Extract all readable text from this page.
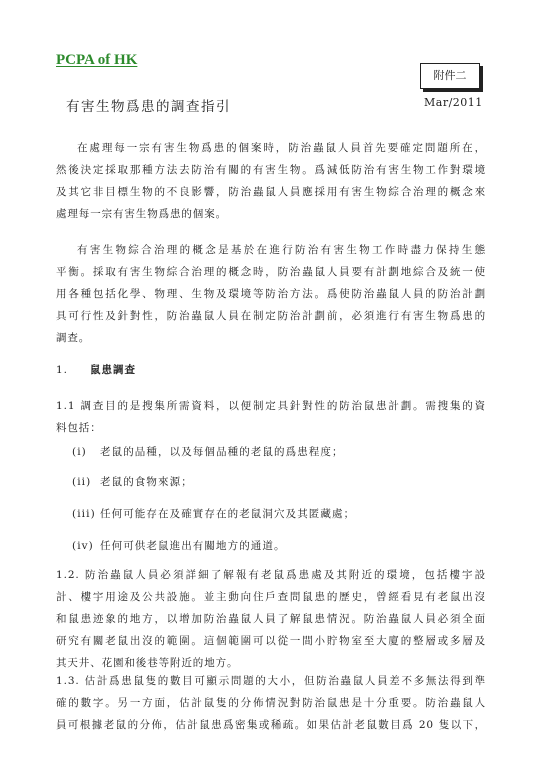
PCPA of HK
附件二
有害生物爲患的調查指引	Mar/2011
在處理每一宗有害生物爲患的個案時，防治蟲鼠人員首先要確定問題所在，
然後決定採取那種方法去防治有關的有害生物。爲減低防治有害生物工作對環境
及其它非目標生物的不良影響，防治蟲鼠人員應採用有害生物綜合治理的概念來
處理每一宗有害生物爲患的個案。
有害生物綜合治理的概念是基於在進行防治有害生物工作時盡力保持生態
平衡。採取有害生物綜合治理的概念時，防治蟲鼠人員要有計劃地綜合及統一使
用各種包括化學、物理、生物及環境等防治方法。爲使防治蟲鼠人員的防治計劃
具可行性及針對性，防治蟲鼠人員在制定防治計劃前，必須進行有害生物爲患的
調查。
1. 鼠患調查
1.1 調查目的是搜集所需資料，以便制定具針對性的防治鼠患計劃。需搜集的資
料包括：
(i) 老鼠的品種，以及每個品種的老鼠的爲患程度；
(ii) 老鼠的食物來源；
(iii) 任何可能存在及確實存在的老鼠洞穴及其匿藏處；
(iv) 任何可供老鼠進出有關地方的通道。
1.2. 防治蟲鼠人員必須詳細了解報有老鼠爲患處及其附近的環境，包括樓宇設
計、樓宇用途及公共設施。並主動向住戶查問鼠患的歷史，曾經看見有老鼠出沒
和鼠患迹象的地方，以增加防治蟲鼠人員了解鼠患情況。防治蟲鼠人員必須全面
研究有關老鼠出沒的範圍。這個範圍可以從一間小貯物室至大廈的整層或多層及
其天井、花園和後巷等附近的地方。
1.3. 估計爲患鼠隻的數目可顯示問題的大小，但防治蟲鼠人員差不多無法得到準
確的數字。另一方面，估計鼠隻的分佈情況對防治鼠患是十分重要。防治蟲鼠人
員可根據老鼠的分佈，估計鼠患爲密集或稀疏。如果估計老鼠數目爲 20 隻以下，
